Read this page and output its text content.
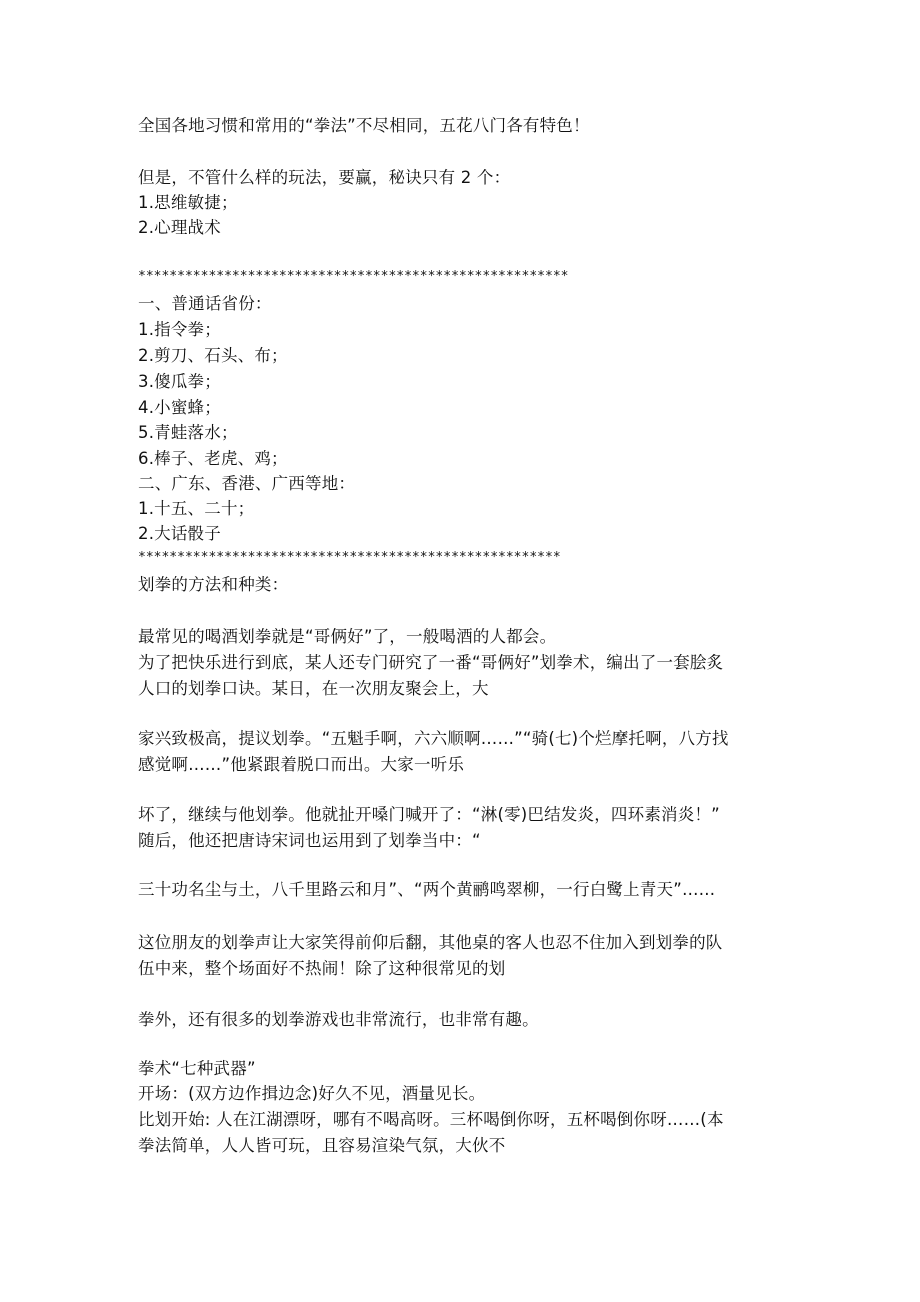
全国各地习惯和常用的“拳法”不尽相同，五花八门各有特色！
但是，不管什么样的玩法，要赢，秘诀只有 2 个：
1.思维敏捷；
2.心理战术
*******************************************************
一、普通话省份：
1.指令拳；
2.剪刀、石头、布；
3.傻瓜拳；
4.小蜜蜂；
5.青蛙落水；
6.棒子、老虎、鸡；
二、广东、香港、广西等地：
1.十五、二十；
2.大话骰子
******************************************************
划拳的方法和种类：
最常见的喝酒划拳就是“哥俩好”了，一般喝酒的人都会。
为了把快乐进行到底，某人还专门研究了一番“哥俩好”划拳术，编出了一套脍炙
人口的划拳口诀。某日，在一次朋友聚会上，大
家兴致极高，提议划拳。“五魁手啊，六六顺啊……”“骑(七)个烂摩托啊，八方找
感觉啊……”他紧跟着脱口而出。大家一听乐
坏了，继续与他划拳。他就扯开嗓门喊开了：“淋(零)巴结发炎，四环素消炎！”
随后，他还把唐诗宋词也运用到了划拳当中：“
三十功名尘与土，八千里路云和月”、“两个黄鹂鸣翠柳，一行白鹭上青天”……
这位朋友的划拳声让大家笑得前仰后翻，其他桌的客人也忍不住加入到划拳的队
伍中来，整个场面好不热闹！除了这种很常见的划
拳外，还有很多的划拳游戏也非常流行，也非常有趣。
拳术“七种武器”
开场：(双方边作揖边念)好久不见，酒量见长。
比划开始: 人在江湖漂呀，哪有不喝高呀。三杯喝倒你呀，五杯喝倒你呀……(本
拳法简单，人人皆可玩，且容易渲染气氛，大伙不
